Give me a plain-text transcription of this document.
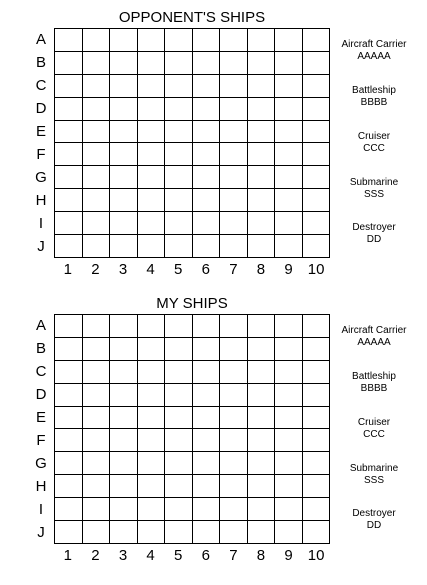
OPPONENT'S SHIPS
A
B
C
D
E
F
G
H
I
J
1	2	3	4	5	6	7	8	9	10
Aircraft Carrier
AAAAA
Battleship
BBBB
Cruiser
CCC
Submarine
SSS
Destroyer
DD
MY SHIPS
A
B
C
D
E
F
G
H
I
J
1	2	3	4	5	6	7	8	9	10
Aircraft Carrier
AAAAA
Battleship
BBBB
Cruiser
CCC
Submarine
SSS
Destroyer
DD
